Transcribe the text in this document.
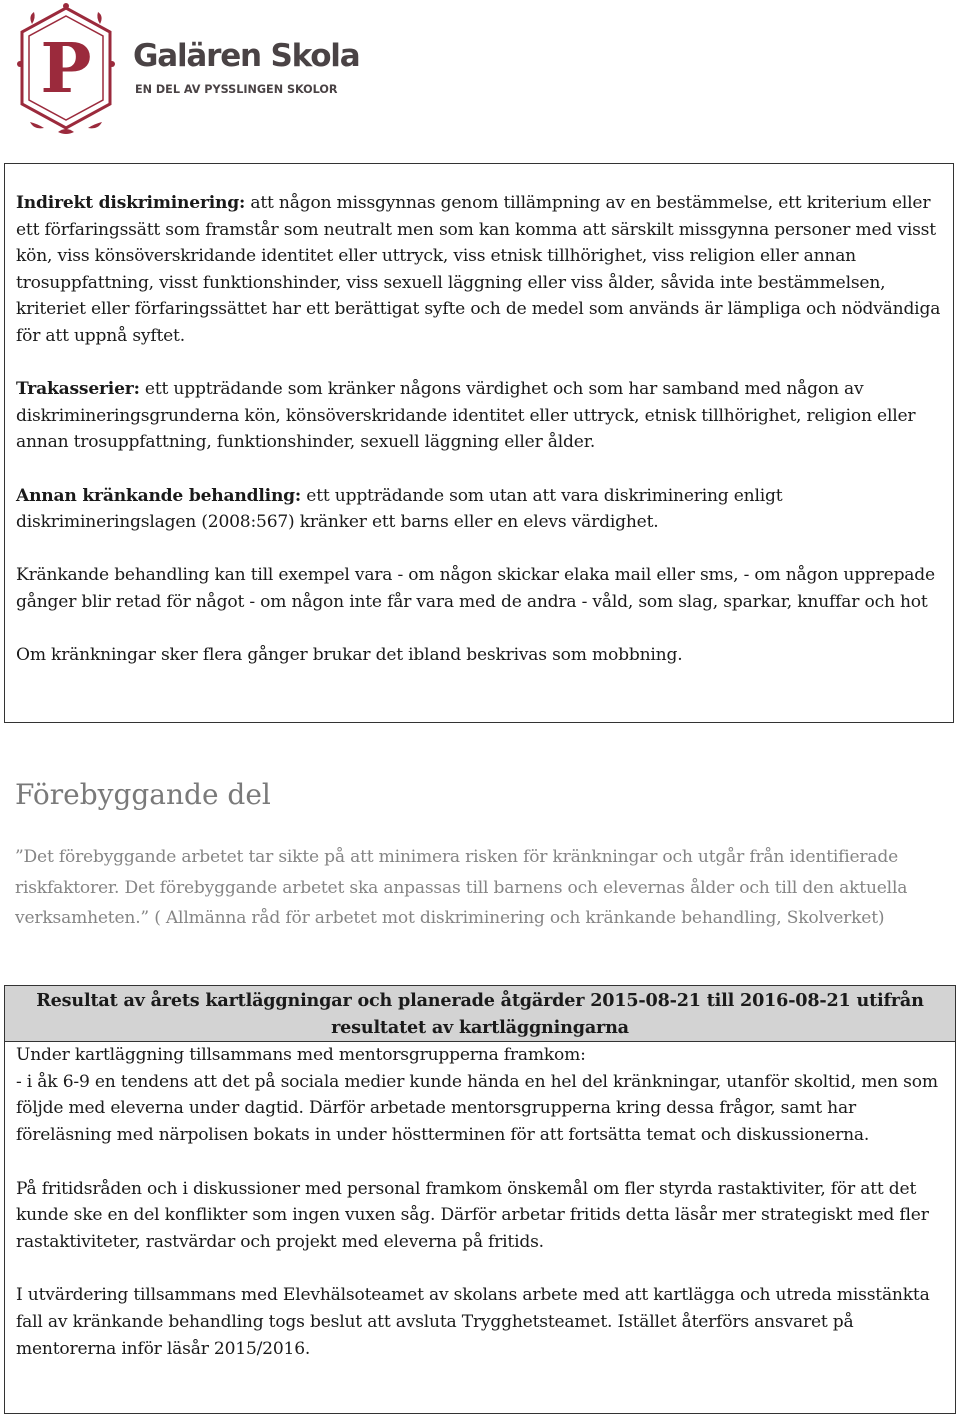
P Galären Skola
EN DEL AV PYSSLINGEN SKOLOR

Indirekt diskriminering: att någon missgynnas genom tillämpning av en bestämmelse, ett kriterium eller ett förfaringssätt som framstår som neutralt men som kan komma att särskilt missgynna personer med visst kön, viss könsöverskridande identitet eller uttryck, viss etnisk tillhörighet, viss religion eller annan trosuppfattning, visst funktionshinder, viss sexuell läggning eller viss ålder, såvida inte bestämmelsen, kriteriet eller förfaringssättet har ett berättigat syfte och de medel som används är lämpliga och nödvändiga för att uppnå syftet.

Trakasserier: ett uppträdande som kränker någons värdighet och som har samband med någon av diskrimineringsgrunderna kön, könsöverskridande identitet eller uttryck, etnisk tillhörighet, religion eller annan trosuppfattning, funktionshinder, sexuell läggning eller ålder.

Annan kränkande behandling: ett uppträdande som utan att vara diskriminering enligt diskrimineringslagen (2008:567) kränker ett barns eller en elevs värdighet.

Kränkande behandling kan till exempel vara - om någon skickar elaka mail eller sms, - om någon upprepade gånger blir retad för något - om någon inte får vara med de andra - våld, som slag, sparkar, knuffar och hot

Om kränkningar sker flera gånger brukar det ibland beskrivas som mobbning.

Förebyggande del

”Det förebyggande arbetet tar sikte på att minimera risken för kränkningar och utgår från identifierade riskfaktorer. Det förebyggande arbetet ska anpassas till barnens och elevernas ålder och till den aktuella verksamheten.” ( Allmänna råd för arbetet mot diskriminering och kränkande behandling, Skolverket)

Resultat av årets kartläggningar och planerade åtgärder 2015-08-21 till 2016-08-21 utifrån resultatet av kartläggningarna

Under kartläggning tillsammans med mentorsgrupperna framkom:
- i åk 6-9 en tendens att det på sociala medier kunde hända en hel del kränkningar, utanför skoltid, men som följde med eleverna under dagtid. Därför arbetade mentorsgrupperna kring dessa frågor, samt har föreläsning med närpolisen bokats in under höstterminen för att fortsätta temat och diskussionerna.

På fritidsråden och i diskussioner med personal framkom önskemål om fler styrda rastaktiviter, för att det kunde ske en del konflikter som ingen vuxen såg. Därför arbetar fritids detta läsår mer strategiskt med fler rastaktiviteter, rastvärdar och projekt med eleverna på fritids.

I utvärdering tillsammans med Elevhälsoteamet av skolans arbete med att kartlägga och utreda misstänkta fall av kränkande behandling togs beslut att avsluta Trygghetsteamet. Istället återförs ansvaret på mentorerna inför läsår 2015/2016.
